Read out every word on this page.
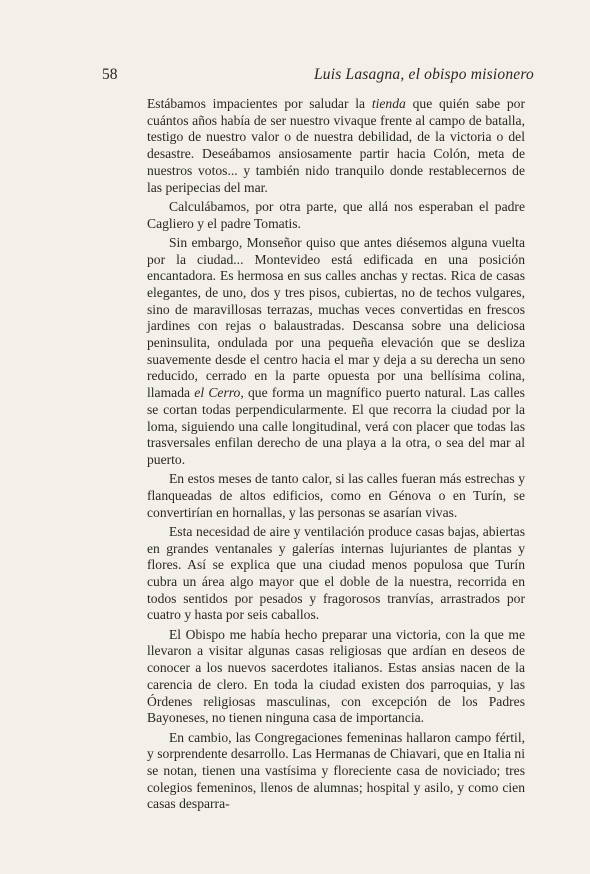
58	Luis Lasagna, el obispo misionero

Estábamos impacientes por saludar la tienda que quién sabe por cuántos años había de ser nuestro vivaque frente al campo de batalla, testigo de nuestro valor o de nuestra debilidad, de la victoria o del desastre. Deseábamos ansiosamente partir hacia Colón, meta de nuestros votos... y también nido tranquilo donde restablecernos de las peripecias del mar.

Calculábamos, por otra parte, que allá nos esperaban el padre Cagliero y el padre Tomatis.

Sin embargo, Monseñor quiso que antes diésemos alguna vuelta por la ciudad... Montevideo está edificada en una posición encantadora. Es hermosa en sus calles anchas y rectas. Rica de casas elegantes, de uno, dos y tres pisos, cubiertas, no de techos vulgares, sino de maravillosas terrazas, muchas veces convertidas en frescos jardines con rejas o balaustradas. Descansa sobre una deliciosa peninsulita, ondulada por una pequeña elevación que se desliza suavemente desde el centro hacia el mar y deja a su derecha un seno reducido, cerrado en la parte opuesta por una bellísima colina, llamada el Cerro, que forma un magnífico puerto natural. Las calles se cortan todas perpendicularmente. El que recorra la ciudad por la loma, siguiendo una calle longitudinal, verá con placer que todas las trasversales enfilan derecho de una playa a la otra, o sea del mar al puerto.

En estos meses de tanto calor, si las calles fueran más estrechas y flanqueadas de altos edificios, como en Génova o en Turín, se convertirían en hornallas, y las personas se asarían vivas.

Esta necesidad de aire y ventilación produce casas bajas, abiertas en grandes ventanales y galerías internas lujuriantes de plantas y flores. Así se explica que una ciudad menos populosa que Turín cubra un área algo mayor que el doble de la nuestra, recorrida en todos sentidos por pesados y fragorosos tranvías, arrastrados por cuatro y hasta por seis caballos.

El Obispo me había hecho preparar una victoria, con la que me llevaron a visitar algunas casas religiosas que ardían en deseos de conocer a los nuevos sacerdotes italianos. Estas ansias nacen de la carencia de clero. En toda la ciudad existen dos parroquias, y las Órdenes religiosas masculinas, con excepción de los Padres Bayoneses, no tienen ninguna casa de importancia.

En cambio, las Congregaciones femeninas hallaron campo fértil, y sorprendente desarrollo. Las Hermanas de Chiavari, que en Italia ni se notan, tienen una vastísima y floreciente casa de noviciado; tres colegios femeninos, llenos de alumnas; hospital y asilo, y como cien casas desparra-
